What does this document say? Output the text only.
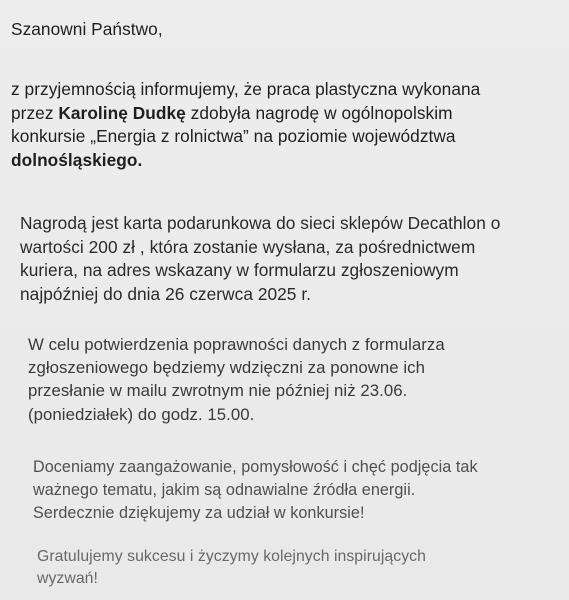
Szanowni Państwo,

z przyjemnością informujemy, że praca plastyczna wykonana
przez Karolinę Dudkę zdobyła nagrodę w ogólnopolskim
konkursie „Energia z rolnictwa” na poziomie województwa
dolnośląskiego.

Nagrodą jest karta podarunkowa do sieci sklepów Decathlon o
wartości 200 zł , która zostanie wysłana, za pośrednictwem
kuriera, na adres wskazany w formularzu zgłoszeniowym
najpóźniej do dnia 26 czerwca 2025 r.

W celu potwierdzenia poprawności danych z formularza
zgłoszeniowego będziemy wdzięczni za ponowne ich
przesłanie w mailu zwrotnym nie później niż 23.06.
(poniedziałek) do godz. 15.00.

Doceniamy zaangażowanie, pomysłowość i chęć podjęcia tak
ważnego tematu, jakim są odnawialne źródła energii.
Serdecznie dziękujemy za udział w konkursie!

Gratulujemy sukcesu i życzymy kolejnych inspirujących
wyzwań!
